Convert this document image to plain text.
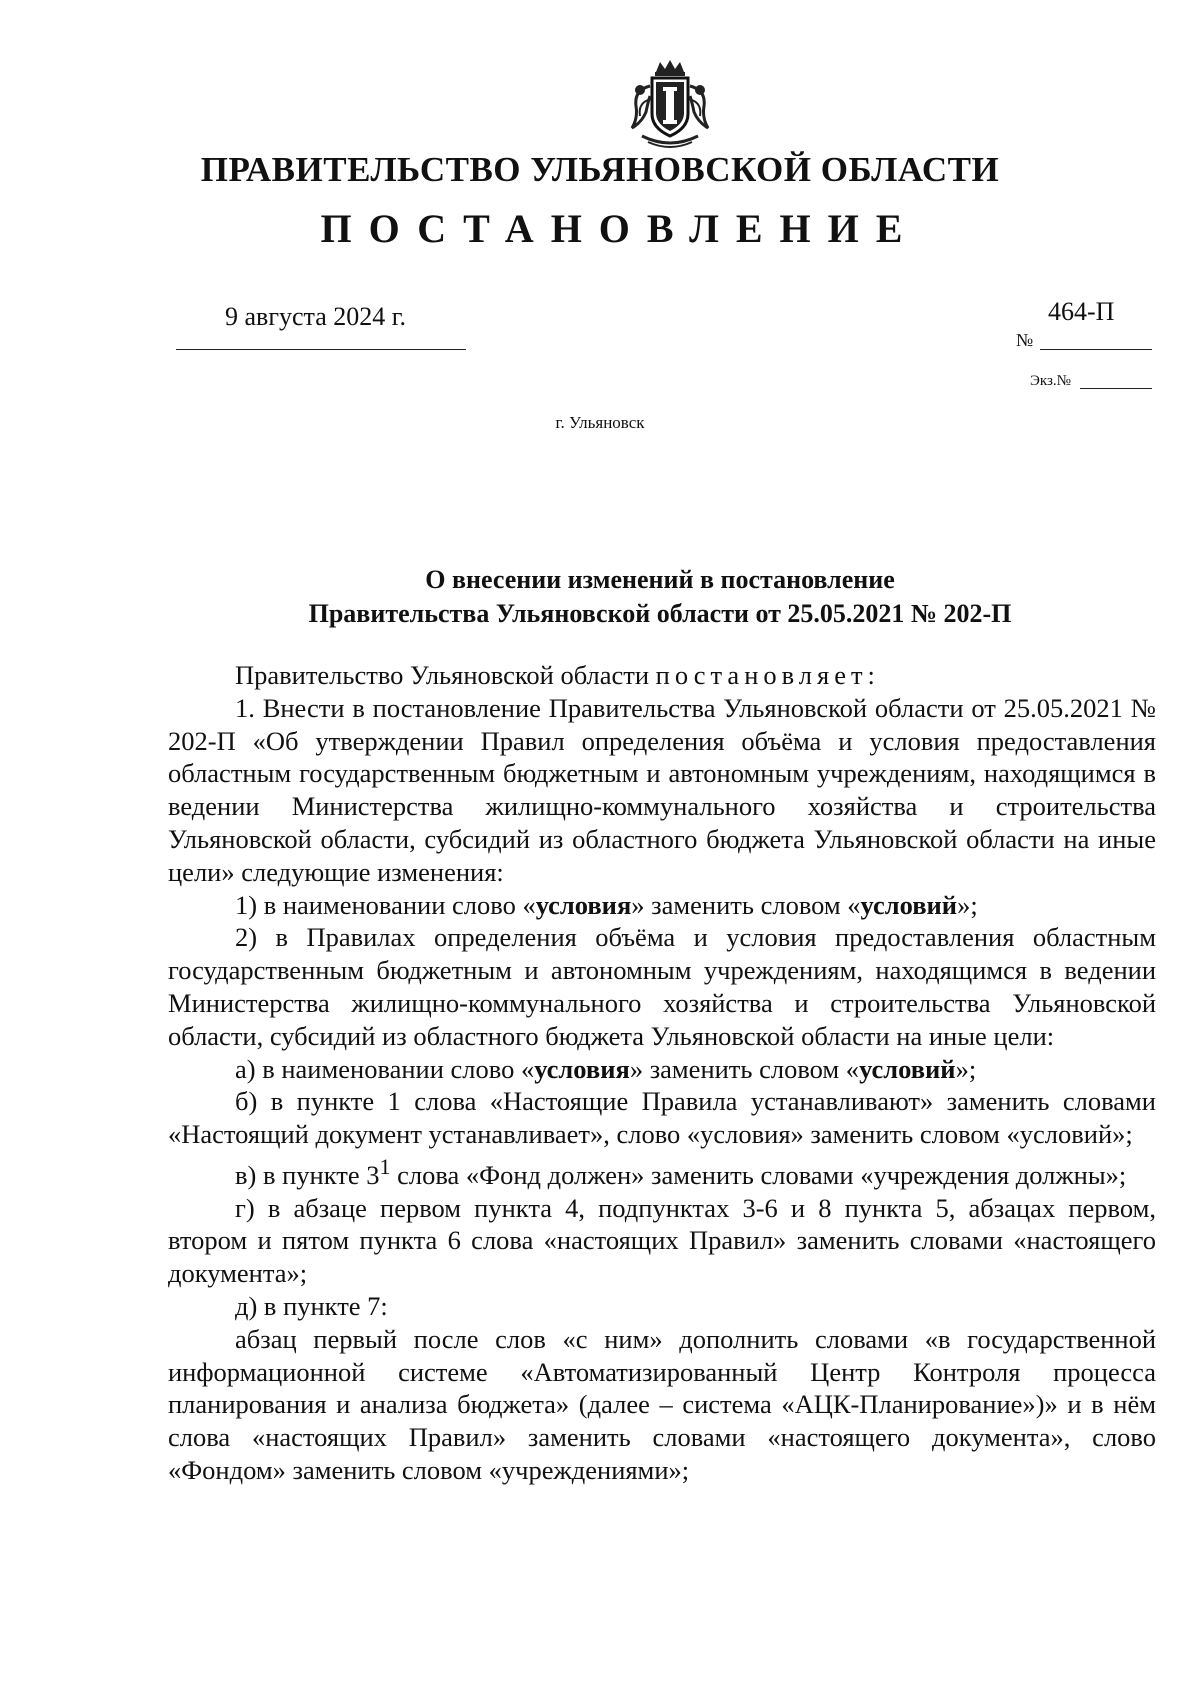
ПРАВИТЕЛЬСТВО УЛЬЯНОВСКОЙ ОБЛАСТИ
ПОСТАНОВЛЕНИЕ
9 августа 2024 г.	464-П
№
Экз.№
г. Ульяновск
О внесении изменений в постановление
Правительства Ульяновской области от 25.05.2021 № 202-П

Правительство Ульяновской области постановляет:

1. Внести в постановление Правительства Ульяновской области от 25.05.2021 № 202-П «Об утверждении Правил определения объёма и условия предоставления областным государственным бюджетным и автономным учреждениям, находящимся в ведении Министерства жилищно-коммунального хозяйства и строительства Ульяновской области, субсидий из областного бюджета Ульяновской области на иные цели» следующие изменения:

1) в наименовании слово «условия» заменить словом «условий»;

2) в Правилах определения объёма и условия предоставления областным государственным бюджетным и автономным учреждениям, находящимся в ведении Министерства жилищно-коммунального хозяйства и строительства Ульяновской области, субсидий из областного бюджета Ульяновской области на иные цели:

а) в наименовании слово «условия» заменить словом «условий»;

б) в пункте 1 слова «Настоящие Правила устанавливают» заменить словами «Настоящий документ устанавливает», слово «условия» заменить словом «условий»;

в) в пункте $3^1$ слова «Фонд должен» заменить словами «учреждения должны»;

г) в абзаце первом пункта 4, подпунктах 3-6 и 8 пункта 5, абзацах первом, втором и пятом пункта 6 слова «настоящих Правил» заменить словами «настоящего документа»;

д) в пункте 7:

абзац первый после слов «с ним» дополнить словами «в государственной информационной системе «Автоматизированный Центр Контроля процесса планирования и анализа бюджета» (далее – система «АЦК-Планирование»)» и в нём слова «настоящих Правил» заменить словами «настоящего документа», слово «Фондом» заменить словом «учреждениями»;
